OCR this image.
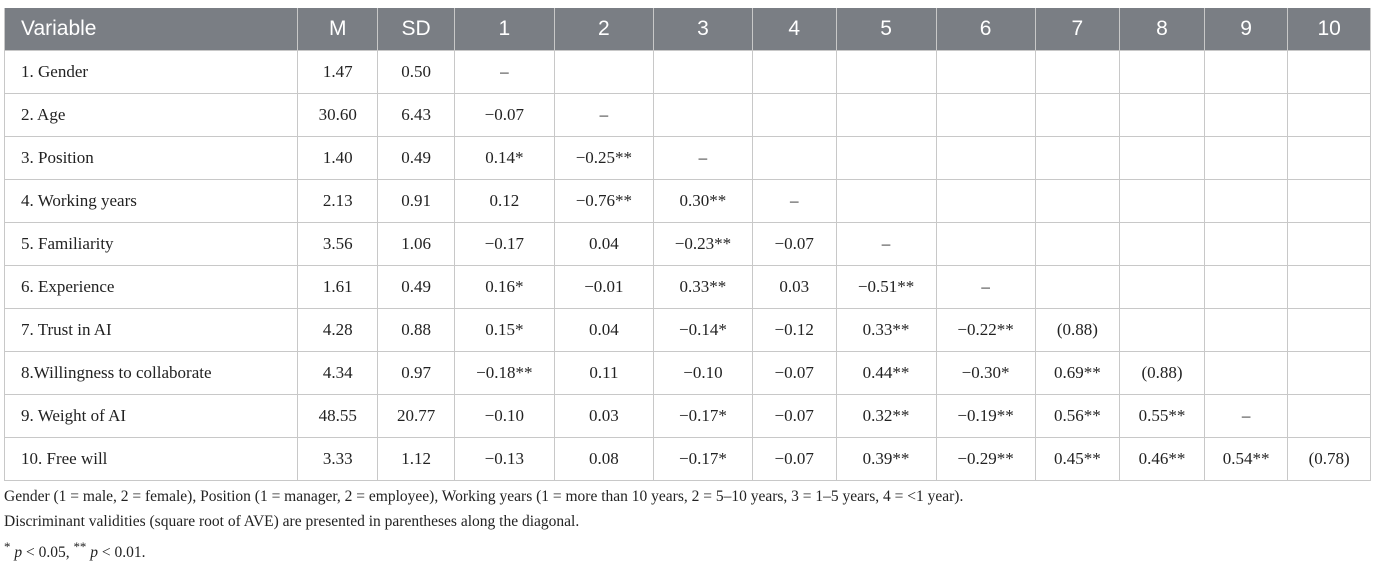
Variable	M	SD	1	2	3	4	5	6	7	8	9	10
1. Gender	1.47	0.50	–									
2. Age	30.60	6.43	−0.07	–								
3. Position	1.40	0.49	0.14*	−0.25**	–							
4. Working years	2.13	0.91	0.12	−0.76**	0.30**	–						
5. Familiarity	3.56	1.06	−0.17	0.04	−0.23**	−0.07	–					
6. Experience	1.61	0.49	0.16*	−0.01	0.33**	0.03	−0.51**	–				
7. Trust in AI	4.28	0.88	0.15*	0.04	−0.14*	−0.12	0.33**	−0.22**	(0.88)			
8.Willingness to collaborate	4.34	0.97	−0.18**	0.11	−0.10	−0.07	0.44**	−0.30*	0.69**	(0.88)		
9. Weight of AI	48.55	20.77	−0.10	0.03	−0.17*	−0.07	0.32**	−0.19**	0.56**	0.55**	–	
10. Free will	3.33	1.12	−0.13	0.08	−0.17*	−0.07	0.39**	−0.29**	0.45**	0.46**	0.54**	(0.78)
Gender (1 = male, 2 = female), Position (1 = manager, 2 = employee), Working years (1 = more than 10 years, 2 = 5–10 years, 3 = 1–5 years, 4 = <1 year).
Discriminant validities (square root of AVE) are presented in parentheses along the diagonal.
* p < 0.05, ** p < 0.01.
